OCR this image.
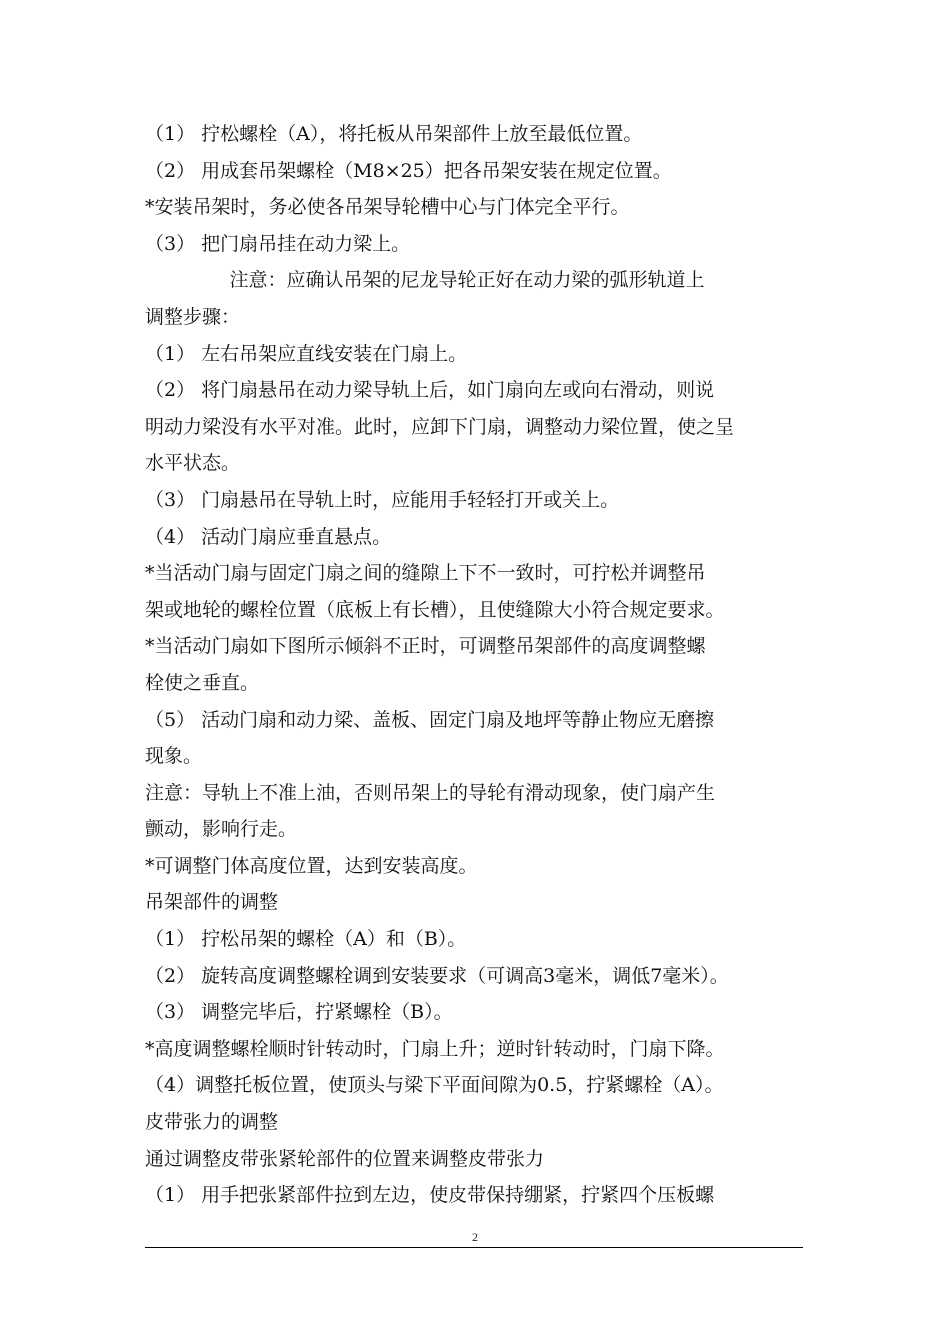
（1） 拧松螺栓（A），将托板从吊架部件上放至最低位置。
（2） 用成套吊架螺栓（M8×25）把各吊架安装在规定位置。
*安装吊架时，务必使各吊架导轮槽中心与门体完全平行。
（3） 把门扇吊挂在动力梁上。
注意：应确认吊架的尼龙导轮正好在动力梁的弧形轨道上
调整步骤：
（1） 左右吊架应直线安装在门扇上。
（2） 将门扇悬吊在动力梁导轨上后，如门扇向左或向右滑动，则说
明动力梁没有水平对准。此时，应卸下门扇，调整动力梁位置，使之呈
水平状态。
（3） 门扇悬吊在导轨上时，应能用手轻轻打开或关上。
（4） 活动门扇应垂直悬点。
*当活动门扇与固定门扇之间的缝隙上下不一致时，可拧松并调整吊
架或地轮的螺栓位置（底板上有长槽），且使缝隙大小符合规定要求。
*当活动门扇如下图所示倾斜不正时，可调整吊架部件的高度调整螺
栓使之垂直。
（5） 活动门扇和动力梁、盖板、固定门扇及地坪等静止物应无磨擦
现象。
注意：导轨上不准上油，否则吊架上的导轮有滑动现象，使门扇产生
颤动，影响行走。
*可调整门体高度位置，达到安装高度。
吊架部件的调整
（1） 拧松吊架的螺栓（A）和（B）。
（2） 旋转高度调整螺栓调到安装要求（可调高3毫米，调低7毫米）。
（3） 调整完毕后，拧紧螺栓（B）。
*高度调整螺栓顺时针转动时，门扇上升；逆时针转动时，门扇下降。
（4）调整托板位置，使顶头与梁下平面间隙为0.5，拧紧螺栓（A）。
皮带张力的调整
通过调整皮带张紧轮部件的位置来调整皮带张力
（1） 用手把张紧部件拉到左边，使皮带保持绷紧，拧紧四个压板螺
2
